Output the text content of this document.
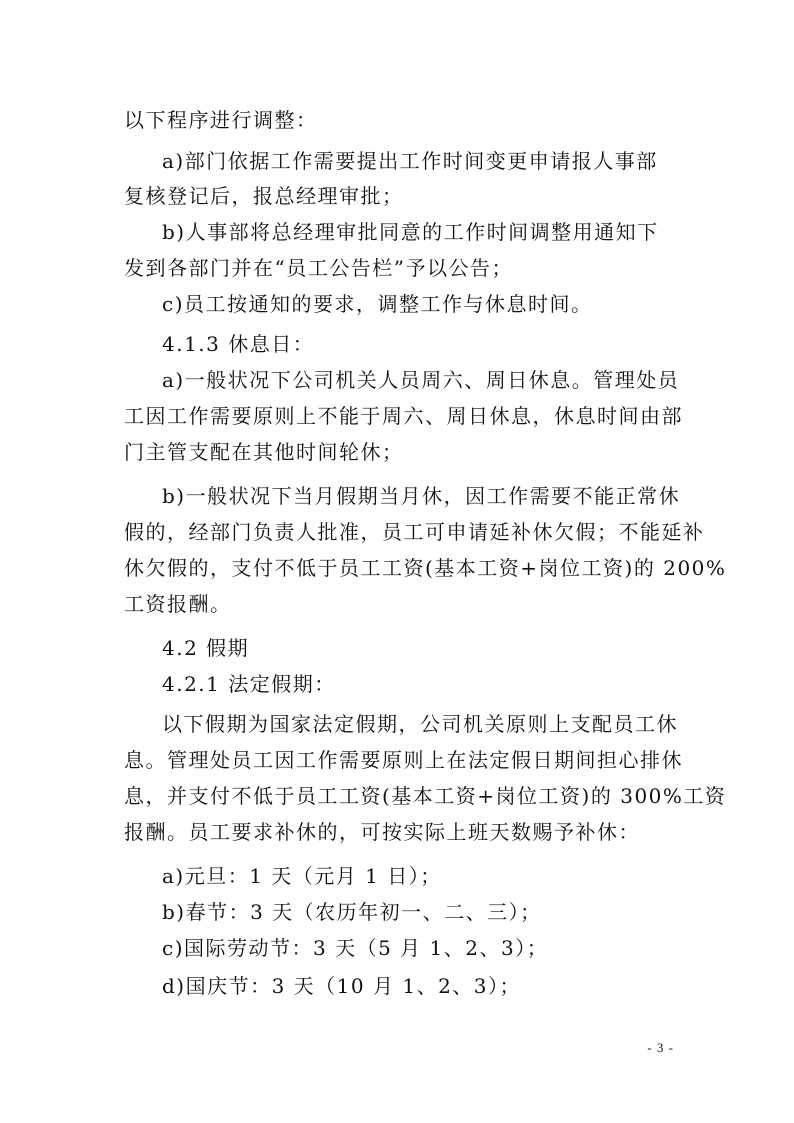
以下程序进行调整：
a)部门依据工作需要提出工作时间变更申请报人事部
复核登记后，报总经理审批；
b)人事部将总经理审批同意的工作时间调整用通知下
发到各部门并在“员工公告栏”予以公告；
c)员工按通知的要求，调整工作与休息时间。
4.1.3 休息日：
a)一般状况下公司机关人员周六、周日休息。管理处员
工因工作需要原则上不能于周六、周日休息，休息时间由部
门主管支配在其他时间轮休；
b)一般状况下当月假期当月休，因工作需要不能正常休
假的，经部门负责人批准，员工可申请延补休欠假；不能延补
休欠假的，支付不低于员工工资(基本工资+岗位工资)的 200%
工资报酬。
4.2 假期
4.2.1 法定假期：
以下假期为国家法定假期，公司机关原则上支配员工休
息。管理处员工因工作需要原则上在法定假日期间担心排休
息，并支付不低于员工工资(基本工资+岗位工资)的 300%工资
报酬。员工要求补休的，可按实际上班天数赐予补休：
a)元旦：1 天（元月 1 日）；
b)春节：3 天（农历年初一、二、三）；
c)国际劳动节：3 天（5 月 1、2、3）；
d)国庆节：3 天（10 月 1、2、3）；
- 3 -
